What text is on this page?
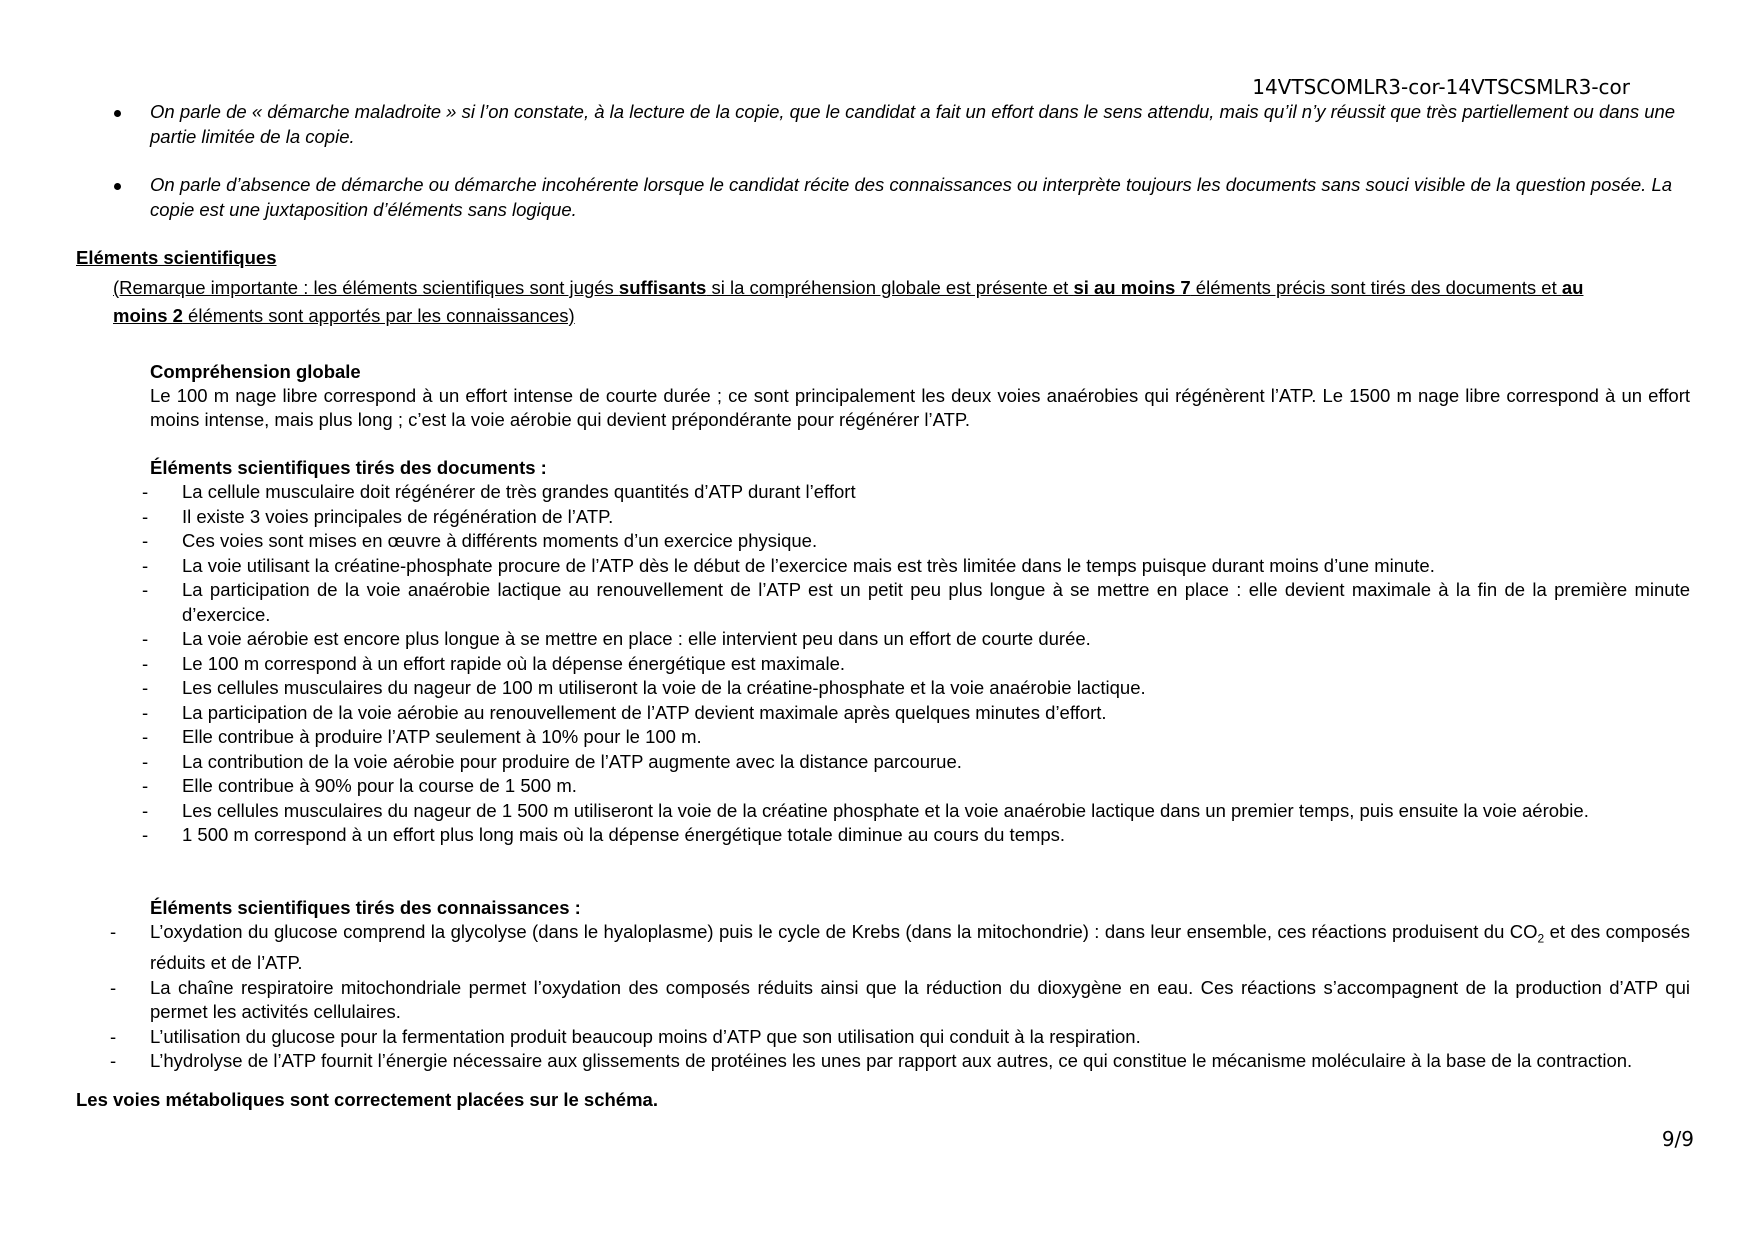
14VTSCOMLR3-cor-14VTSCSMLR3-cor
On parle de « démarche maladroite » si l’on constate, à la lecture de la copie, que le candidat a fait un effort dans le sens attendu, mais qu’il n’y réussit que très partiellement ou dans une partie limitée de la copie.
On parle d’absence de démarche ou démarche incohérente lorsque le candidat récite des connaissances ou interprète toujours les documents sans souci visible de la question posée. La copie est une juxtaposition d’éléments sans logique.
Eléments scientifiques
(Remarque importante : les éléments scientifiques sont jugés suffisants si la compréhension globale est présente et si au moins 7 éléments précis sont tirés des documents et au moins 2 éléments sont apportés par les connaissances)
Compréhension globale
Le 100 m nage libre correspond à un effort intense de courte durée ; ce sont principalement les deux voies anaérobies qui régénèrent l’ATP. Le 1500 m nage libre correspond à un effort moins intense, mais plus long ; c’est la voie aérobie qui devient prépondérante pour régénérer l’ATP.
Éléments scientifiques tirés des documents :
- La cellule musculaire doit régénérer de très grandes quantités d’ATP durant l’effort
- Il existe 3 voies principales de régénération de l’ATP.
- Ces voies sont mises en œuvre à différents moments d’un exercice physique.
- La voie utilisant la créatine-phosphate procure de l’ATP dès le début de l’exercice mais est très limitée dans le temps puisque durant moins d’une minute.
- La participation de la voie anaérobie lactique au renouvellement de l’ATP est un petit peu plus longue à se mettre en place : elle devient maximale à la fin de la première minute d’exercice.
- La voie aérobie est encore plus longue à se mettre en place : elle intervient peu dans un effort de courte durée.
- Le 100 m correspond à un effort rapide où la dépense énergétique est maximale.
- Les cellules musculaires du nageur de 100 m utiliseront la voie de la créatine-phosphate et la voie anaérobie lactique.
- La participation de la voie aérobie au renouvellement de l’ATP devient maximale après quelques minutes d’effort.
- Elle contribue à produire l’ATP seulement à 10% pour le 100 m.
- La contribution de la voie aérobie pour produire de l’ATP augmente avec la distance parcourue.
- Elle contribue à 90% pour la course de 1 500 m.
- Les cellules musculaires du nageur de 1 500 m utiliseront la voie de la créatine phosphate et la voie anaérobie lactique dans un premier temps, puis ensuite la voie aérobie.
- 1 500 m correspond à un effort plus long mais où la dépense énergétique totale diminue au cours du temps.
Éléments scientifiques tirés des connaissances :
- L’oxydation du glucose comprend la glycolyse (dans le hyaloplasme) puis le cycle de Krebs (dans la mitochondrie) : dans leur ensemble, ces réactions produisent du $CO_2$ et des composés réduits et de l’ATP.
- La chaîne respiratoire mitochondriale permet l’oxydation des composés réduits ainsi que la réduction du dioxygène en eau. Ces réactions s’accompagnent de la production d’ATP qui permet les activités cellulaires.
- L’utilisation du glucose pour la fermentation produit beaucoup moins d’ATP que son utilisation qui conduit à la respiration.
- L’hydrolyse de l’ATP fournit l’énergie nécessaire aux glissements de protéines les unes par rapport aux autres, ce qui constitue le mécanisme moléculaire à la base de la contraction.
Les voies métaboliques sont correctement placées sur le schéma.
9/9
